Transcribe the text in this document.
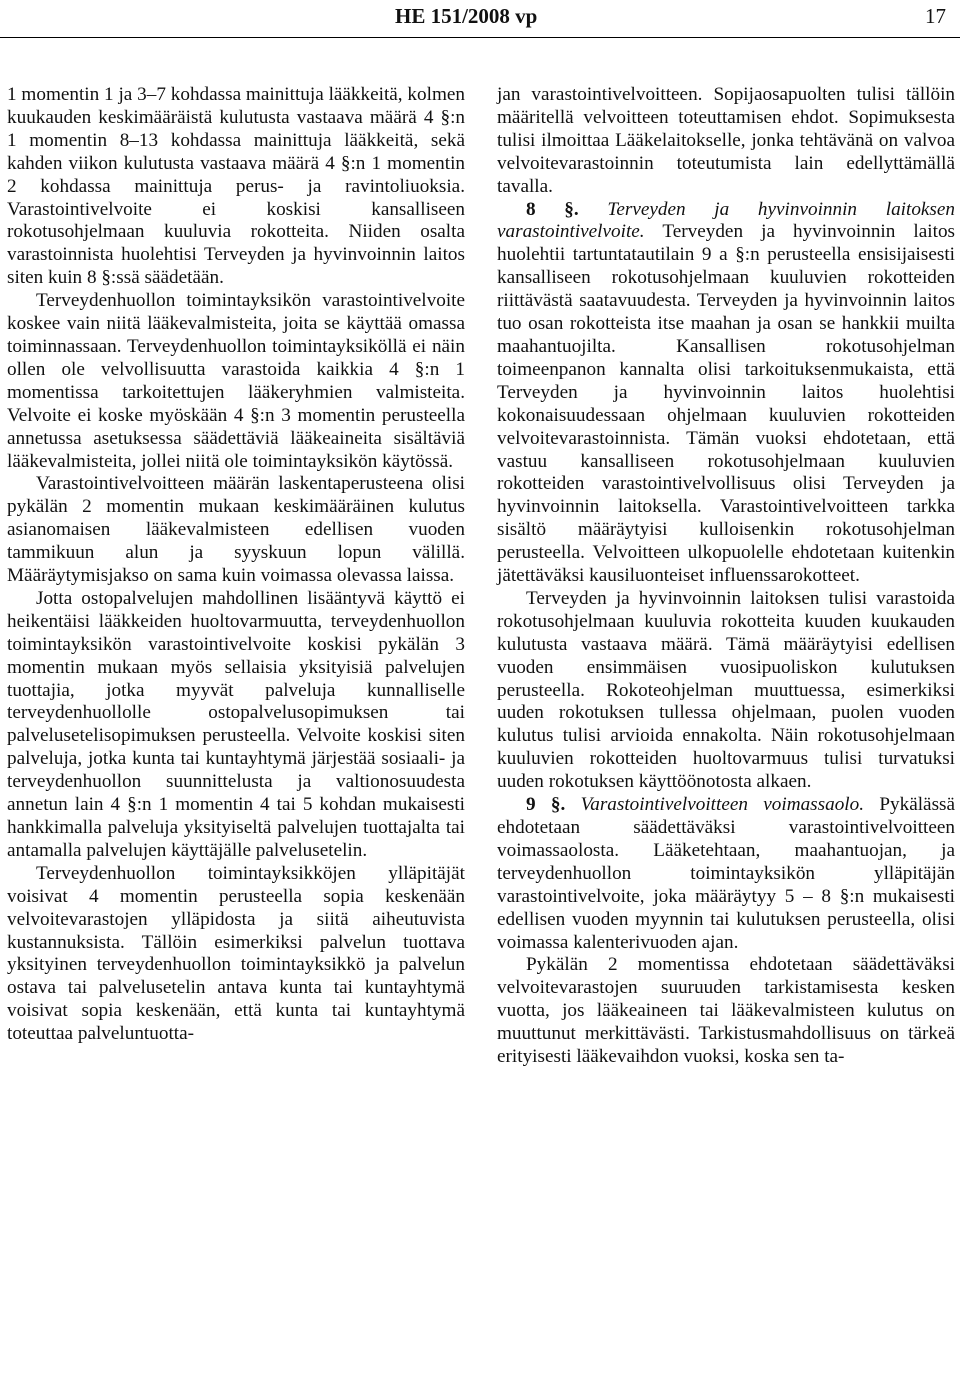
HE 151/2008 vp	17

1 momentin 1 ja 3–7 kohdassa mainittuja lääkkeitä, kolmen kuukauden keskimääräistä kulutusta vastaava määrä 4 §:n 1 momentin 8–13 kohdassa mainittuja lääkkeitä, sekä kahden viikon kulutusta vastaava määrä 4 §:n 1 momentin 2 kohdassa mainittuja perus- ja ravintoliuoksia. Varastointivelvoite ei koskisi kansalliseen rokotusohjelmaan kuuluvia rokotteita. Niiden osalta varastoinnista huolehtisi Terveyden ja hyvinvoinnin laitos siten kuin 8 §:ssä säädetään.

Terveydenhuollon toimintayksikön varastointivelvoite koskee vain niitä lääkevalmisteita, joita se käyttää omassa toiminnassaan. Terveydenhuollon toimintayksiköllä ei näin ollen ole velvollisuutta varastoida kaikkia 4 §:n 1 momentissa tarkoitettujen lääkeryhmien valmisteita. Velvoite ei koske myöskään 4 §:n 3 momentin perusteella annetussa asetuksessa säädettäviä lääkeaineita sisältäviä lääkevalmisteita, jollei niitä ole toimintayksikön käytössä.

Varastointivelvoitteen määrän laskentaperusteena olisi pykälän 2 momentin mukaan keskimääräinen kulutus asianomaisen lääkevalmisteen edellisen vuoden tammikuun alun ja syyskuun lopun välillä. Määräytymisjakso on sama kuin voimassa olevassa laissa.

Jotta ostopalvelujen mahdollinen lisääntyvä käyttö ei heikentäisi lääkkeiden huoltovarmuutta, terveydenhuollon toimintayksikön varastointivelvoite koskisi pykälän 3 momentin mukaan myös sellaisia yksityisiä palvelujen tuottajia, jotka myyvät palveluja kunnalliselle terveydenhuollolle ostopalvelusopimuksen tai palvelusetelisopimuksen perusteella. Velvoite koskisi siten palveluja, jotka kunta tai kuntayhtymä järjestää sosiaali- ja terveydenhuollon suunnittelusta ja valtionosuudesta annetun lain 4 §:n 1 momentin 4 tai 5 kohdan mukaisesti hankkimalla palveluja yksityiseltä palvelujen tuottajalta tai antamalla palvelujen käyttäjälle palvelusetelin.

Terveydenhuollon toimintayksikköjen ylläpitäjät voisivat 4 momentin perusteella sopia keskenään velvoitevarastojen ylläpidosta ja siitä aiheutuvista kustannuksista. Tällöin esimerkiksi palvelun tuottava yksityinen terveydenhuollon toimintayksikkö ja palvelun ostava tai palvelusetelin antava kunta tai kuntayhtymä voisivat sopia keskenään, että kunta tai kuntayhtymä toteuttaa palveluntuotta-

jan varastointivelvoitteen. Sopijaosapuolten tulisi tällöin määritellä velvoitteen toteuttamisen ehdot. Sopimuksesta tulisi ilmoittaa Lääkelaitokselle, jonka tehtävänä on valvoa velvoitevarastoinnin toteutumista lain edellyttämällä tavalla.

8 §. Terveyden ja hyvinvoinnin laitoksen varastointivelvoite. Terveyden ja hyvinvoinnin laitos huolehtii tartuntatautilain 9 a §:n perusteella ensisijaisesti kansalliseen rokotusohjelmaan kuuluvien rokotteiden riittävästä saatavuudesta. Terveyden ja hyvinvoinnin laitos tuo osan rokotteista itse maahan ja osan se hankkii muilta maahantuojilta. Kansallisen rokotusohjelman toimeenpanon kannalta olisi tarkoituksenmukaista, että Terveyden ja hyvinvoinnin laitos huolehtisi kokonaisuudessaan ohjelmaan kuuluvien rokotteiden velvoitevarastoinnista. Tämän vuoksi ehdotetaan, että vastuu kansalliseen rokotusohjelmaan kuuluvien rokotteiden varastointivelvollisuus olisi Terveyden ja hyvinvoinnin laitoksella. Varastointivelvoitteen tarkka sisältö määräytyisi kulloisenkin rokotusohjelman perusteella. Velvoitteen ulkopuolelle ehdotetaan kuitenkin jätettäväksi kausiluonteiset influenssarokotteet.

Terveyden ja hyvinvoinnin laitoksen tulisi varastoida rokotusohjelmaan kuuluvia rokotteita kuuden kuukauden kulutusta vastaava määrä. Tämä määräytyisi edellisen vuoden ensimmäisen vuosipuoliskon kulutuksen perusteella. Rokoteohjelman muuttuessa, esimerkiksi uuden rokotuksen tullessa ohjelmaan, puolen vuoden kulutus tulisi arvioida ennakolta. Näin rokotusohjelmaan kuuluvien rokotteiden huoltovarmuus tulisi turvatuksi uuden rokotuksen käyttöönotosta alkaen.

9 §. Varastointivelvoitteen voimassaolo. Pykälässä ehdotetaan säädettäväksi varastointivelvoitteen voimassaolosta. Lääketehtaan, maahantuojan, ja terveydenhuollon toimintayksikön ylläpitäjän varastointivelvoite, joka määräytyy 5 – 8 §:n mukaisesti edellisen vuoden myynnin tai kulutuksen perusteella, olisi voimassa kalenterivuoden ajan.

Pykälän 2 momentissa ehdotetaan säädettäväksi velvoitevarastojen suuruuden tarkistamisesta kesken vuotta, jos lääkeaineen tai lääkevalmisteen kulutus on muuttunut merkittävästi. Tarkistusmahdollisuus on tärkeä erityisesti lääkevaihdon vuoksi, koska sen ta-
